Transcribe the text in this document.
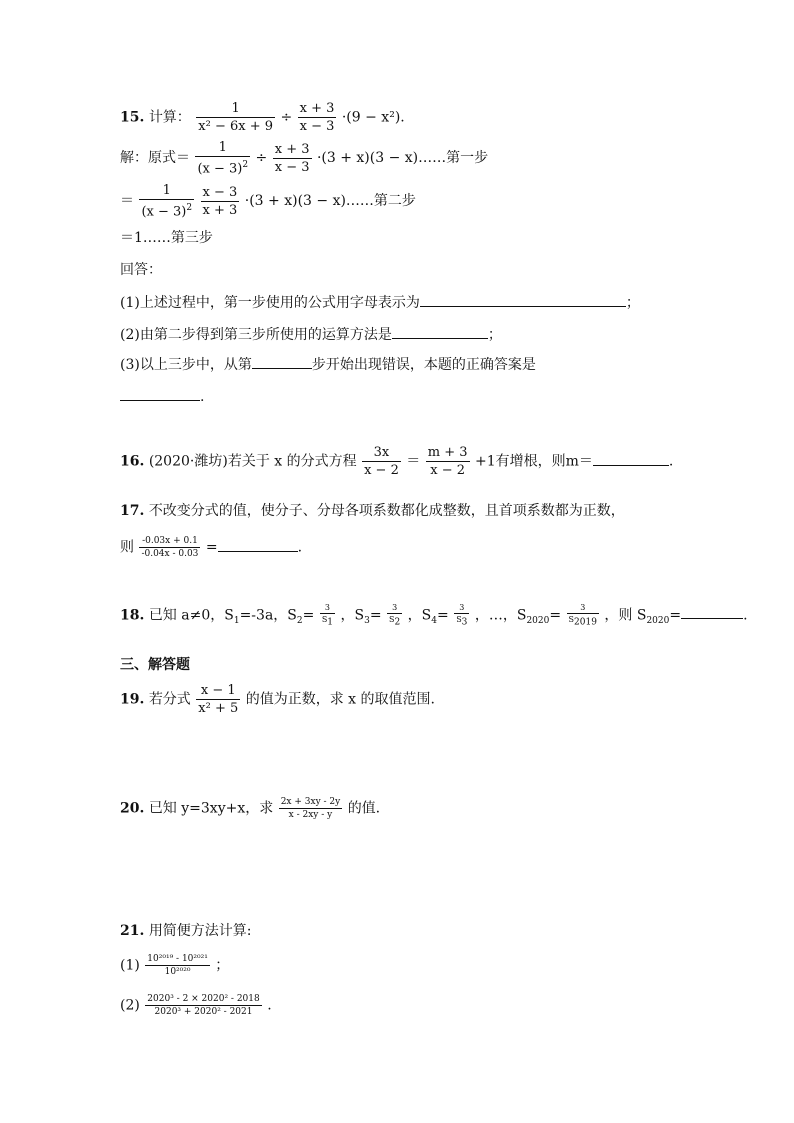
15. 计算： $\frac{1}{\text{x² − 6x + 9}} \div \frac{x + 3}{x - 3} \cdot(9 - x^2)$.
解：原式＝ $\frac{1}{(x - 3)^2} \div \frac{x + 3}{x - 3} \cdot(3 + x)(3$ − x)……第一步
＝ $\frac{1}{(x - 3)^2}$
$\frac{x - 3}{x + 3} \cdot(3 + x)(3$ − x)……第二步
＝1……第三步
回答：
(1)上述过程中，第一步使用的公式用字母表示为	；
(2)由第二步得到第三步所使用的运算方法是	；
(3)以上三步中，从第	步开始出现错误，本题的正确答案是
.
16. (2020·潍坊)若关于 x 的分式方程 $\frac{3x}{x - 2} = \frac{m + 3}{x - 2} +1$有增根，则m＝	.
17. 不改变分式的值，使分子、分母各项系数都化成整数，且首项系数都为正数，
则 $\frac{-0.03x + 0.1}{-0.04x - 0.03}$ =	.
18. 已知 a≠0，$S_1=-3a$，$S_2= \frac{3}{S_1}$ ，$S_3= \frac{3}{S_2}$ ，$S_4= \frac{3}{S_3}$ ，…，$S_{2020}= \frac{3}{S_{2019}}$ ，则 $S_{2020}=$	.
三、解答题
19. 若分式 $\frac{x - 1}{\text{x² + 5}}$ 的值为正数，求 x 的取值范围.
20. 已知 y=3xy+x，求 $\frac{2x + 3xy - 2y}{x - 2xy - y}$ 的值.
21. 用简便方法计算:
$(1) \frac{\text{10²⁰¹⁹ - 10²⁰²¹}}{\text{10²⁰²⁰}}$ ；
$(2) \frac{\text{2020³ - 2 × 2020² - 2018}}{\text{2020³ + 2020² - 2021}}$ .
